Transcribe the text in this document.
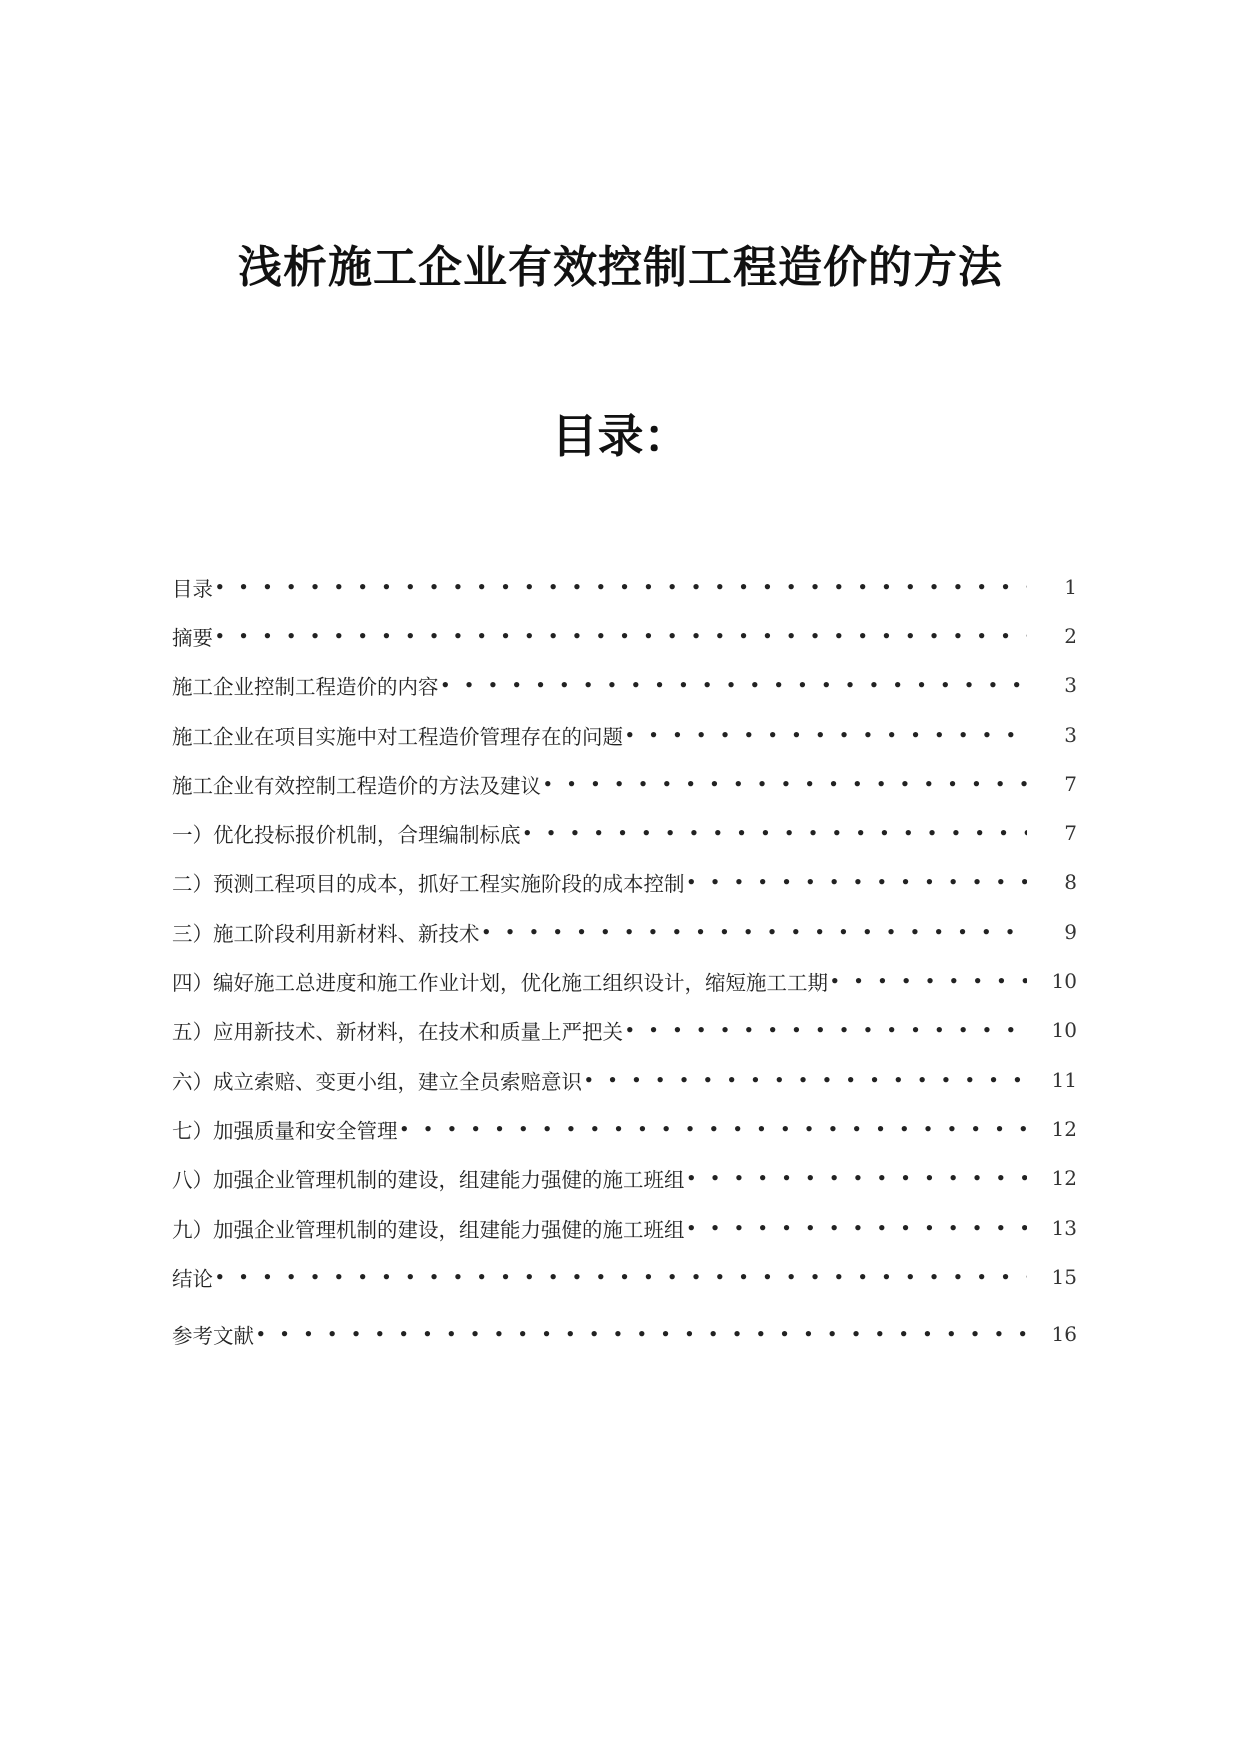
浅析施工企业有效控制工程造价的方法
目录：
目录 • • •	1
摘要 • • •	2
施工企业控制工程造价的内容 • • •	3
施工企业在项目实施中对工程造价管理存在的问题 • • •	3
施工企业有效控制工程造价的方法及建议 • • •	7
一）优化投标报价机制，合理编制标底 • • •	7
二）预测工程项目的成本，抓好工程实施阶段的成本控制 • • •	8
三）施工阶段利用新材料、新技术 • • •	9
四）编好施工总进度和施工作业计划，优化施工组织设计，缩短施工工期 • • •	10
五）应用新技术、新材料，在技术和质量上严把关 • • •	10
六）成立索赔、变更小组，建立全员索赔意识 • • •	11
七）加强质量和安全管理 • • •	12
八）加强企业管理机制的建设，组建能力强健的施工班组 • • •	12
九）加强企业管理机制的建设，组建能力强健的施工班组 • • •	13
结论 • • •	15
参考文献 • • •	16
